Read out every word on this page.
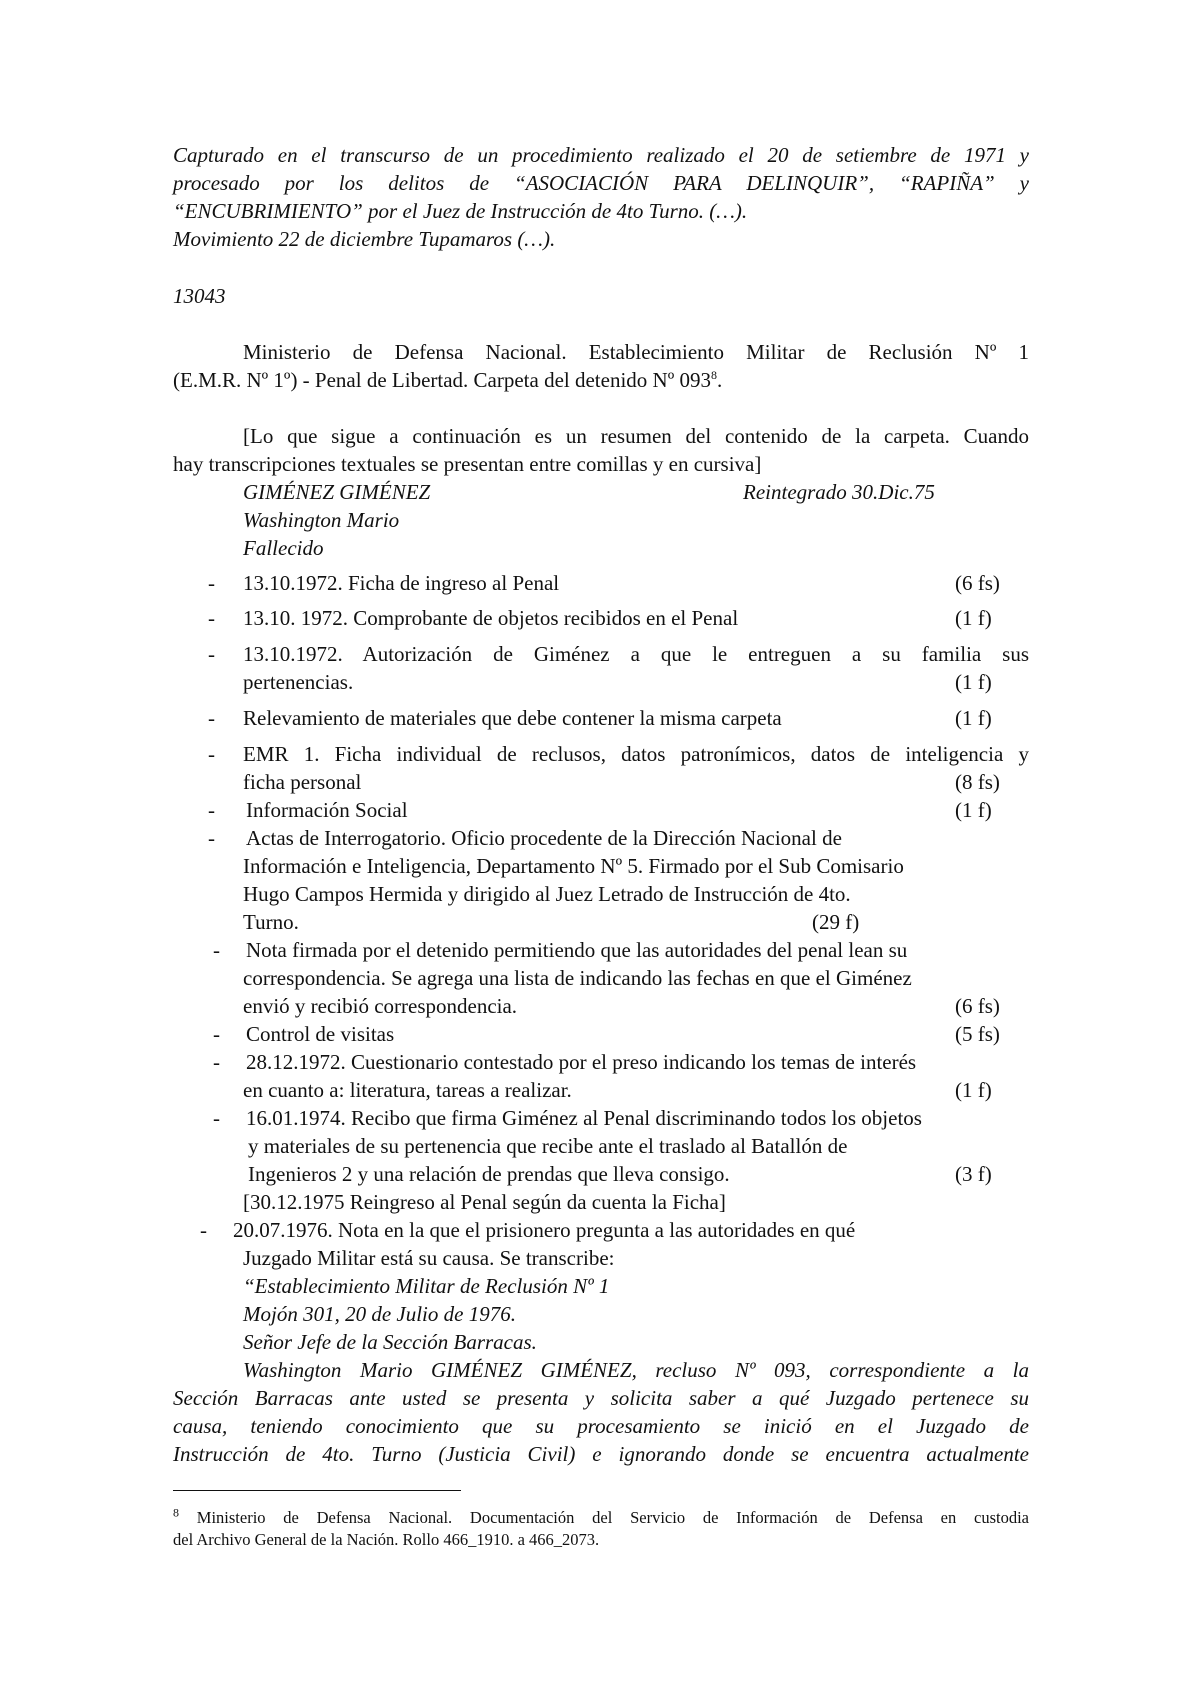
Capturado en el transcurso de un procedimiento realizado el 20 de setiembre de 1971 y
procesado por los delitos de “ASOCIACIÓN PARA DELINQUIR”, “RAPIÑA” y
“ENCUBRIMIENTO” por el Juez de Instrucción de 4to Turno. (…).
Movimiento 22 de diciembre Tupamaros (…).
13043
Ministerio de Defensa Nacional. Establecimiento Militar de Reclusión Nº 1
(E.M.R. Nº 1º) - Penal de Libertad. Carpeta del detenido Nº $093^8$.
[Lo que sigue a continuación es un resumen del contenido de la carpeta. Cuando
hay transcripciones textuales se presentan entre comillas y en cursiva]
GIMÉNEZ GIMÉNEZ	Reintegrado 30.Dic.75
Washington Mario
Fallecido
- 13.10.1972. Ficha de ingreso al Penal	(6 fs)
- 13.10. 1972. Comprobante de objetos recibidos en el Penal	(1 f)
- 13.10.1972. Autorización de Giménez a que le entreguen a su familia sus
pertenencias.	(1 f)
- Relevamiento de materiales que debe contener la misma carpeta	(1 f)
- EMR 1. Ficha individual de reclusos, datos patronímicos, datos de inteligencia y
ficha personal	(8 fs)
- Información Social	(1 f)
- Actas de Interrogatorio. Oficio procedente de la Dirección Nacional de
Información e Inteligencia, Departamento Nº 5. Firmado por el Sub Comisario
Hugo Campos Hermida y dirigido al Juez Letrado de Instrucción de 4to.
Turno.	(29 f)
- Nota firmada por el detenido permitiendo que las autoridades del penal lean su
correspondencia. Se agrega una lista de indicando las fechas en que el Giménez
envió y recibió correspondencia.	(6 fs)
- Control de visitas	(5 fs)
- 28.12.1972. Cuestionario contestado por el preso indicando los temas de interés
en cuanto a: literatura, tareas a realizar.	(1 f)
- 16.01.1974. Recibo que firma Giménez al Penal discriminando todos los objetos
y materiales de su pertenencia que recibe ante el traslado al Batallón de
Ingenieros 2 y una relación de prendas que lleva consigo.	(3 f)
[30.12.1975 Reingreso al Penal según da cuenta la Ficha]
- 20.07.1976. Nota en la que el prisionero pregunta a las autoridades en qué
Juzgado Militar está su causa. Se transcribe:
“Establecimiento Militar de Reclusión Nº 1
Mojón 301, 20 de Julio de 1976.
Señor Jefe de la Sección Barracas.
Washington Mario GIMÉNEZ GIMÉNEZ, recluso Nº 093, correspondiente a la
Sección Barracas ante usted se presenta y solicita saber a qué Juzgado pertenece su
causa, teniendo conocimiento que su procesamiento se inició en el Juzgado de
Instrucción de 4to. Turno (Justicia Civil) e ignorando donde se encuentra actualmente
$^8$ Ministerio de Defensa Nacional. Documentación del Servicio de Información de Defensa en custodia
del Archivo General de la Nación. Rollo 466_1910. a 466_2073.
